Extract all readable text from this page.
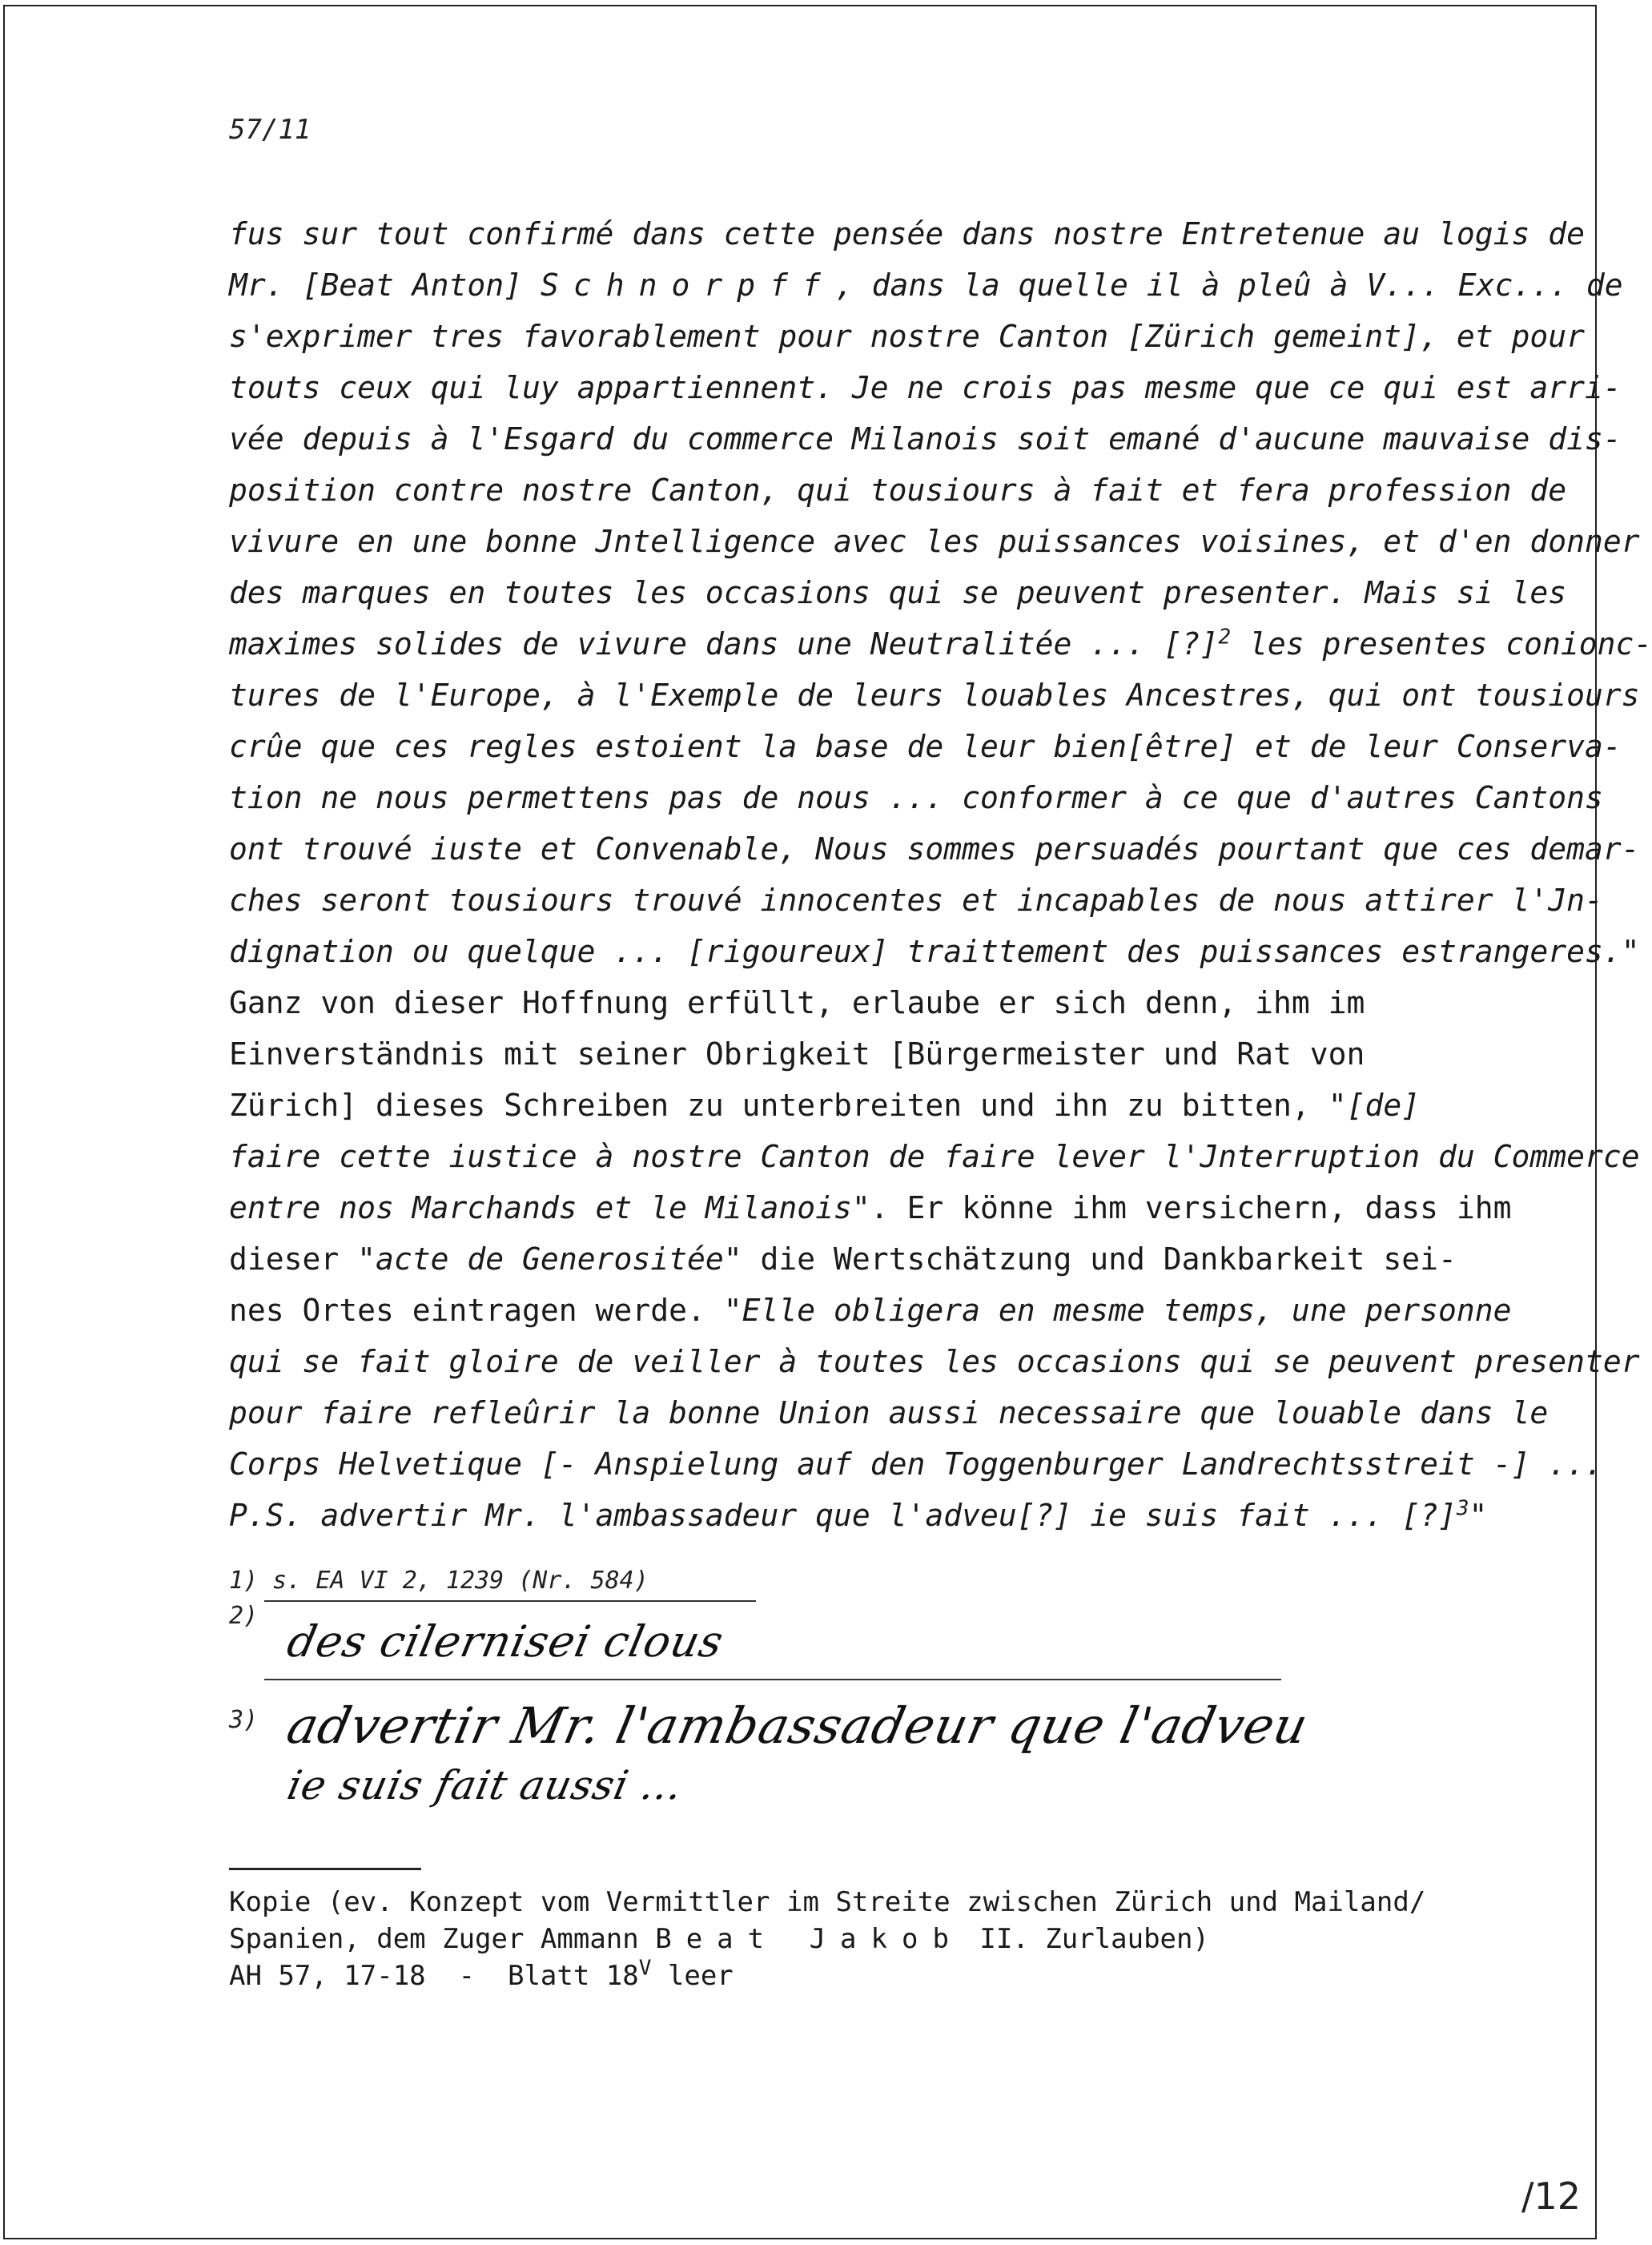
57/11
fus sur tout confirmé dans cette pensée dans nostre Entretenue au logis de
Mr. [Beat Anton] Schnorpff, dans la quelle il à pleû à V... Exc... de
s'exprimer tres favorablement pour nostre Canton [Zürich gemeint], et pour
touts ceux qui luy appartiennent. Je ne crois pas mesme que ce qui est arri-
vée depuis à l'Esgard du commerce Milanois soit emané d'aucune mauvaise dis-
position contre nostre Canton, qui tousiours à fait et fera profession de
vivure en une bonne Jntelligence avec les puissances voisines, et d'en donner
des marques en toutes les occasions qui se peuvent presenter. Mais si les
maximes solides de vivure dans une Neutralitée ... [?]$^2$ les presentes conionc-
tures de l'Europe, à l'Exemple de leurs louables Ancestres, qui ont tousiours
crûe que ces regles estoient la base de leur bien[être] et de leur Conserva-
tion ne nous permettens pas de nous ... conformer à ce que d'autres Cantons
ont trouvé iuste et Convenable, Nous sommes persuadés pourtant que ces demar-
ches seront tousiours trouvé innocentes et incapables de nous attirer l'Jn-
dignation ou quelque ... [rigoureux] traittement des puissances estrangeres."
Ganz von dieser Hoffnung erfüllt, erlaube er sich denn, ihm im
Einverständnis mit seiner Obrigkeit [Bürgermeister und Rat von
Zürich] dieses Schreiben zu unterbreiten und ihn zu bitten, "[de]
faire cette iustice à nostre Canton de faire lever l'Jnterruption du Commerce
entre nos Marchands et le Milanois". Er könne ihm versichern, dass ihm
dieser "acte de Generositée" die Wertschätzung und Dankbarkeit sei-
nes Ortes eintragen werde. "Elle obligera en mesme temps, une personne
qui se fait gloire de veiller à toutes les occasions qui se peuvent presenter
pour faire refleûrir la bonne Union aussi necessaire que louable dans le
Corps Helvetique [- Anspielung auf den Toggenburger Landrechtsstreit -] ...
P.S. advertir Mr. l'ambassadeur que l'adveu[?] ie suis fait ... [?]$^3$"
1) s. EA VI 2, 1239 (Nr. 584)
2)
des cilernisei clous
3) advertir Mr. l'ambassadeur que l'adveu
ie suis fait aussi ...
Kopie (ev. Konzept vom Vermittler im Streite zwischen Zürich und Mailand/
Spanien, dem Zuger Ammann Beat Jakob II. Zurlauben)
AH 57, 17-18  -  Blatt $18^V$ leer
/12
